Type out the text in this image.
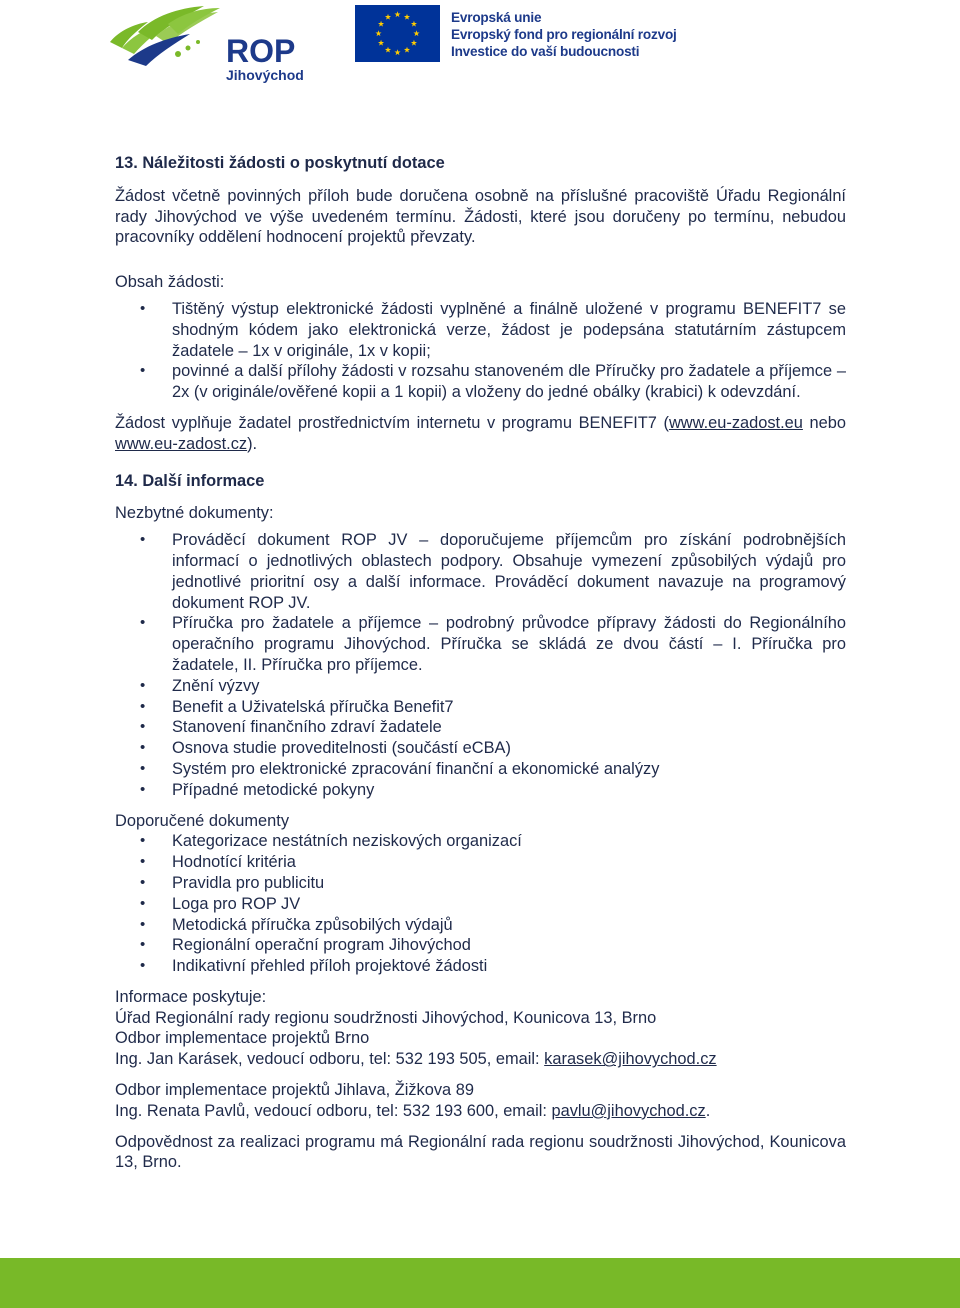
ROP
Jihovýchod
Evropská unie
Evropský fond pro regionální rozvoj
Investice do vaší budoucnosti
13. Náležitosti žádosti o poskytnutí dotace

Žádost včetně povinných příloh bude doručena osobně na příslušné pracoviště Úřadu Regionální rady Jihovýchod ve výše uvedeném termínu. Žádosti, které jsou doručeny po termínu, nebudou pracovníky oddělení hodnocení projektů převzaty.

Obsah žádosti:

• Tištěný výstup elektronické žádosti vyplněné a finálně uložené v programu BENEFIT7 se shodným kódem jako elektronická verze, žádost je podepsána statutárním zástupcem žadatele – 1x v originále, 1x v kopii;
• povinné a další přílohy žádosti v rozsahu stanoveném dle Příručky pro žadatele a příjemce – 2x (v originále/ověřené kopii a 1 kopii) a vloženy do jedné obálky (krabici) k odevzdání.

Žádost vyplňuje žadatel prostřednictvím internetu v programu BENEFIT7 (www.eu-zadost.eu nebo www.eu-zadost.cz).

14. Další informace

Nezbytné dokumenty:

• Prováděcí dokument ROP JV – doporučujeme příjemcům pro získání podrobnějších informací o jednotlivých oblastech podpory. Obsahuje vymezení způsobilých výdajů pro jednotlivé prioritní osy a další informace. Prováděcí dokument navazuje na programový dokument ROP JV.
• Příručka pro žadatele a příjemce – podrobný průvodce přípravy žádosti do Regionálního operačního programu Jihovýchod. Příručka se skládá ze dvou částí – I. Příručka pro žadatele, II. Příručka pro příjemce.
• Znění výzvy
• Benefit a Uživatelská příručka Benefit7
• Stanovení finančního zdraví žadatele
• Osnova studie proveditelnosti (součástí eCBA)
• Systém pro elektronické zpracování finanční a ekonomické analýzy
• Případné metodické pokyny

Doporučené dokumenty

• Kategorizace nestátních neziskových organizací
• Hodnotící kritéria
• Pravidla pro publicitu
• Loga pro ROP JV
• Metodická příručka způsobilých výdajů
• Regionální operační program Jihovýchod
• Indikativní přehled příloh projektové žádosti

Informace poskytuje:

Úřad Regionální rady regionu soudržnosti Jihovýchod, Kounicova 13, Brno

Odbor implementace projektů Brno

Ing. Jan Karásek, vedoucí odboru, tel: 532 193 505, email: karasek@jihovychod.cz

Odbor implementace projektů Jihlava, Žižkova 89

Ing. Renata Pavlů, vedoucí odboru, tel: 532 193 600, email: pavlu@jihovychod.cz.

Odpovědnost za realizaci programu má Regionální rada regionu soudržnosti Jihovýchod, Kounicova 13, Brno.
